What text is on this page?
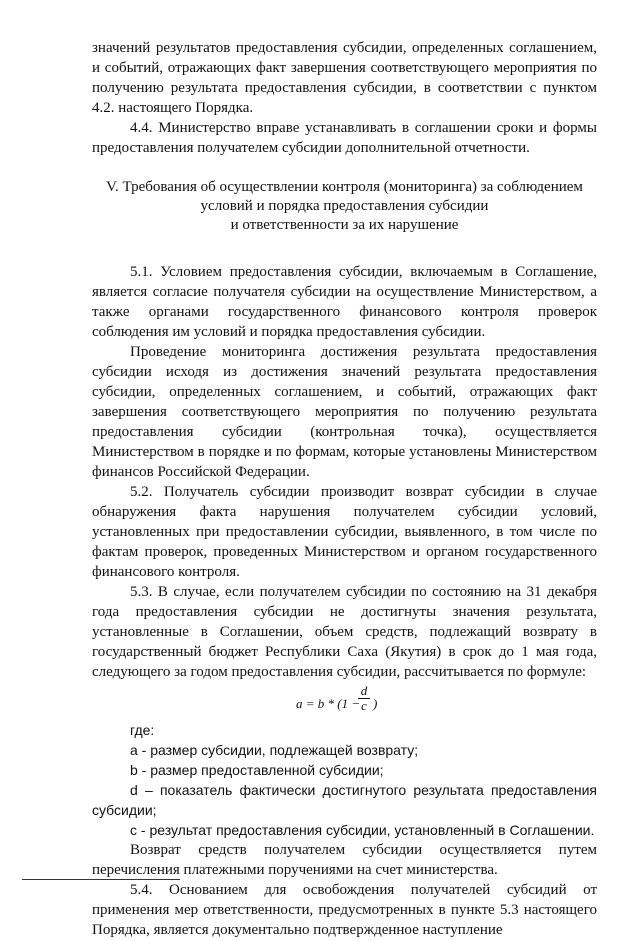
значений результатов предоставления субсидии, определенных соглашением, и событий, отражающих факт завершения соответствующего мероприятия по получению результата предоставления субсидии, в соответствии с пунктом 4.2. настоящего Порядка.

4.4. Министерство вправе устанавливать в соглашении сроки и формы предоставления получателем субсидии дополнительной отчетности.

V. Требования об осуществлении контроля (мониторинга) за соблюдением
условий и порядка предоставления субсидии
и ответственности за их нарушение

5.1. Условием предоставления субсидии, включаемым в Соглашение, является согласие получателя субсидии на осуществление Министерством, а также органами государственного финансового контроля проверок соблюдения им условий и порядка предоставления субсидии.

Проведение мониторинга достижения результата предоставления субсидии исходя из достижения значений результата предоставления субсидии, определенных соглашением, и событий, отражающих факт завершения соответствующего мероприятия по получению результата предоставления субсидии (контрольная точка), осуществляется Министерством в порядке и по формам, которые установлены Министерством финансов Российской Федерации.

5.2. Получатель субсидии производит возврат субсидии в случае обнаружения факта нарушения получателем субсидии условий, установленных при предоставлении субсидии, выявленного, в том числе по фактам проверок, проведенных Министерством и органом государственного финансового контроля.

5.3. В случае, если получателем субсидии по состоянию на 31 декабря года предоставления субсидии не достигнуты значения результата, установленные в Соглашении, объем средств, подлежащий возврату в государственный бюджет Республики Саха (Якутия) в срок до 1 мая года, следующего за годом предоставления субсидии, рассчитывается по формуле:

a = b * (1 −
$\frac{d}{c}$ )

где:

a - размер субсидии, подлежащей возврату;

b - размер предоставленной субсидии;

d – показатель фактически достигнутого результата предоставления субсидии;

c - результат предоставления субсидии, установленный в Соглашении.

Возврат средств получателем субсидии осуществляется путем перечисления платежными поручениями на счет министерства.

5.4. Основанием для освобождения получателей субсидий от применения мер ответственности, предусмотренных в пункте 5.3 настоящего Порядка, является документально подтвержденное наступление
